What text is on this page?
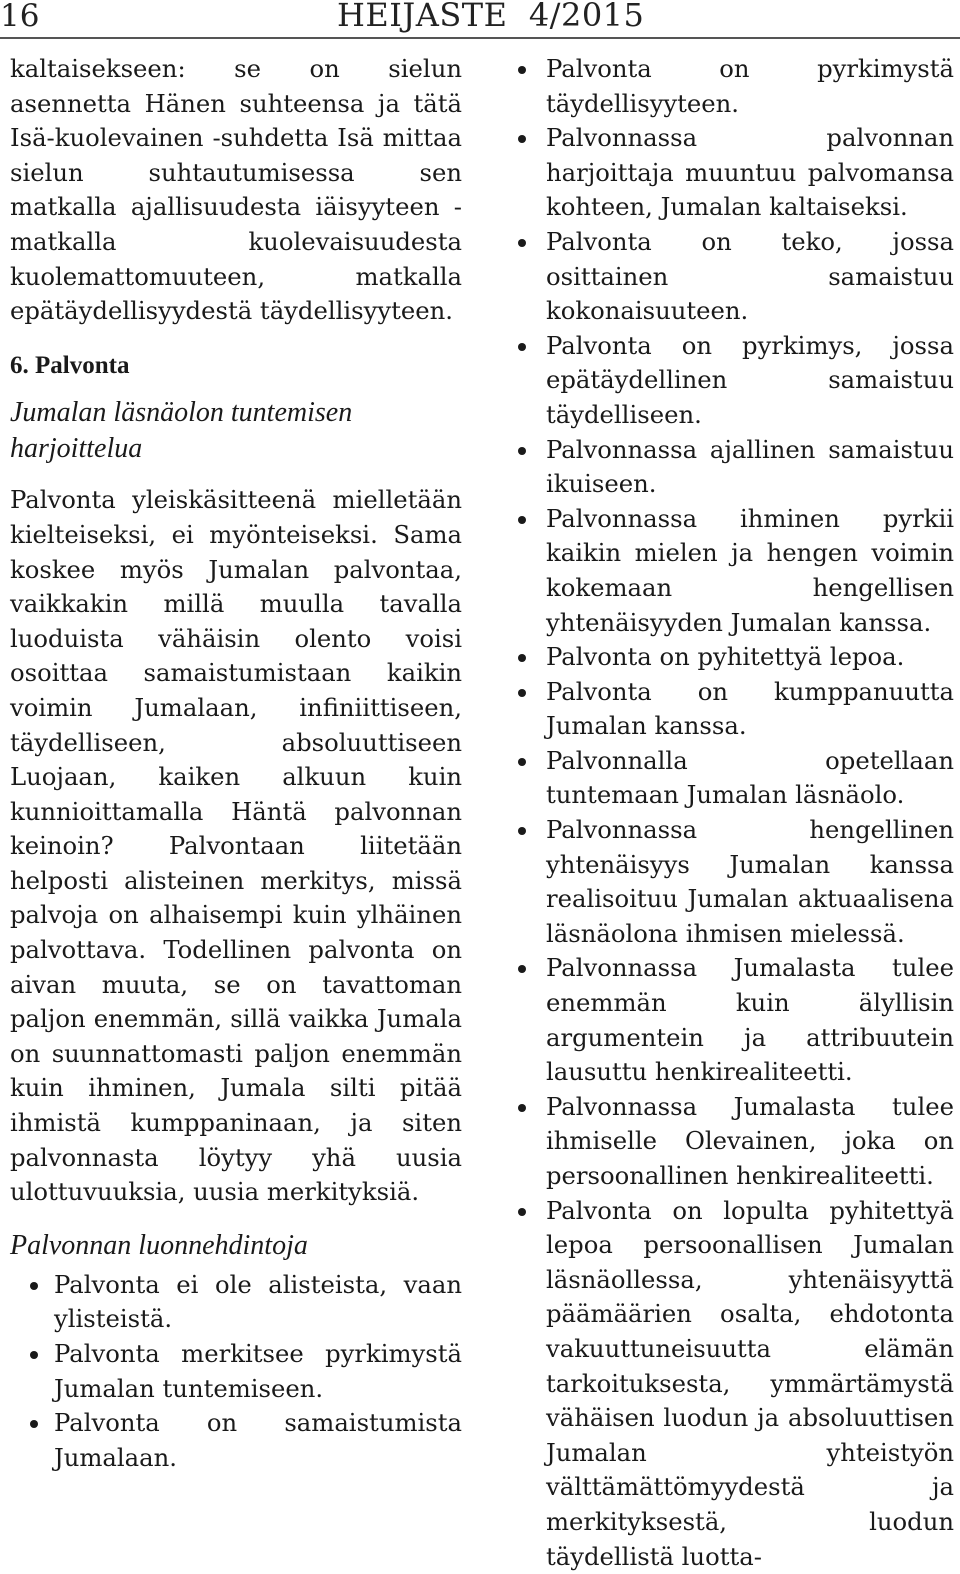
16	HEIJASTE  4/2015

kaltaisekseen: se on sielun asennetta Hänen suhteensa ja tätä Isä-kuolevainen -suhdetta Isä mittaa sielun suhtautumisessa sen matkalla ajallisuudesta iäisyyteen - matkalla kuolevaisuudesta kuolemattomuuteen, matkalla epätäydellisyydestä täydellisyyteen.

6. Palvonta

Jumalan läsnäolon tuntemisen harjoittelua

Palvonta yleiskäsitteenä mielletään kielteiseksi, ei myönteiseksi. Sama koskee myös Jumalan palvontaa, vaikkakin millä muulla tavalla luoduista vähäisin olento voisi osoittaa samaistumistaan kaikin voimin Jumalaan, infiniittiseen, täydelliseen, absoluuttiseen Luojaan, kaiken alkuun kuin kunnioittamalla Häntä palvonnan keinoin? Palvontaan liitetään helposti alisteinen merkitys, missä palvoja on alhaisempi kuin ylhäinen palvottava. Todellinen palvonta on aivan muuta, se on tavattoman paljon enemmän, sillä vaikka Jumala on suunnattomasti paljon enemmän kuin ihminen, Jumala silti pitää ihmistä kumppaninaan, ja siten palvonnasta löytyy yhä uusia ulottuvuuksia, uusia merkityksiä.

Palvonnan luonnehdintoja

Palvonta ei ole alisteista, vaan ylisteistä.
Palvonta merkitsee pyrkimystä Jumalan tuntemiseen.
Palvonta on samaistumista Jumalaan.
Palvonta on pyrkimystä täydellisyyteen.
Palvonnassa palvonnan harjoittaja muuntuu palvomansa kohteen, Jumalan kaltaiseksi.
Palvonta on teko, jossa osittainen samaistuu kokonaisuuteen.
Palvonta on pyrkimys, jossa epätäydellinen samaistuu täydelliseen.
Palvonnassa ajallinen samaistuu ikuiseen.
Palvonnassa ihminen pyrkii kaikin mielen ja hengen voimin kokemaan hengellisen yhtenäisyyden Jumalan kanssa.
Palvonta on pyhitettyä lepoa.
Palvonta on kumppanuutta Jumalan kanssa.
Palvonnalla opetellaan tuntemaan Jumalan läsnäolo.
Palvonnassa hengellinen yhtenäisyys Jumalan kanssa realisoituu Jumalan aktuaalisena läsnäolona ihmisen mielessä.
Palvonnassa Jumalasta tulee enemmän kuin älyllisin argumentein ja attribuutein lausuttu henkirealiteetti.
Palvonnassa Jumalasta tulee ihmiselle Olevainen, joka on persoonallinen henkirealiteetti.
Palvonta on lopulta pyhitettyä lepoa persoonallisen Jumalan läsnäollessa, yhtenäisyyttä päämäärien osalta, ehdotonta vakuuttuneisuutta elämän tarkoituksesta, ymmärtämystä vähäisen luodun ja absoluuttisen Jumalan yhteistyön välttämättömyydestä ja merkityksestä, luodun täydellistä luotta-
